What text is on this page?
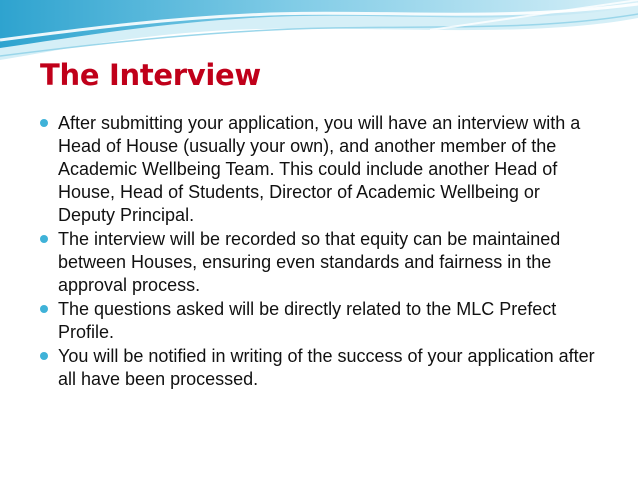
The Interview
After submitting your application, you will have an interview with a Head of House (usually your own), and another member of the Academic Wellbeing Team. This could include another Head of House, Head of Students, Director of Academic Wellbeing or Deputy Principal.
The interview will be recorded so that equity can be maintained between Houses, ensuring even standards and fairness in the approval process.
The questions asked will be directly related to the MLC Prefect Profile.
You will be notified in writing of the success of your application after all have been processed.
